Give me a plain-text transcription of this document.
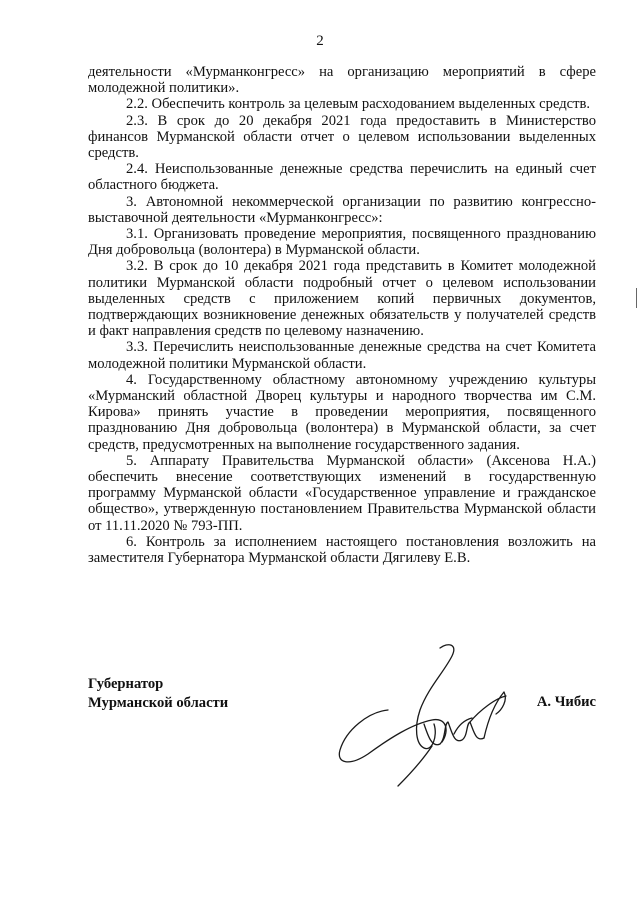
2

деятельности «Мурманконгресс» на организацию мероприятий в сфере молодежной политики».

2.2. Обеспечить контроль за целевым расходованием выделенных средств.

2.3. В срок до 20 декабря 2021 года предоставить в Министерство финансов Мурманской области отчет о целевом использовании выделенных средств.

2.4. Неиспользованные денежные средства перечислить на единый счет областного бюджета.

3. Автономной некоммерческой организации по развитию конгрессно-выставочной деятельности «Мурманконгресс»:

3.1. Организовать проведение мероприятия, посвященного празднованию Дня добровольца (волонтера) в Мурманской области.

3.2. В срок до 10 декабря 2021 года представить в Комитет молодежной политики Мурманской области подробный отчет о целевом использовании выделенных средств с приложением копий первичных документов, подтверждающих возникновение денежных обязательств у получателей средств и факт направления средств по целевому назначению.

3.3. Перечислить неиспользованные денежные средства на счет Комитета молодежной политики Мурманской области.

4. Государственному областному автономному учреждению культуры «Мурманский областной Дворец культуры и народного творчества им С.М. Кирова» принять участие в проведении мероприятия, посвященного празднованию Дня добровольца (волонтера) в Мурманской области, за счет средств, предусмотренных на выполнение государственного задания.

5. Аппарату Правительства Мурманской области» (Аксенова Н.А.) обеспечить внесение соответствующих изменений в государственную программу Мурманской области «Государственное управление и гражданское общество», утвержденную постановлением Правительства Мурманской области от 11.11.2020 № 793-ПП.

6. Контроль за исполнением настоящего постановления возложить на заместителя Губернатора Мурманской области Дягилеву Е.В.

Губернатор
Мурманской области	А. Чибис
